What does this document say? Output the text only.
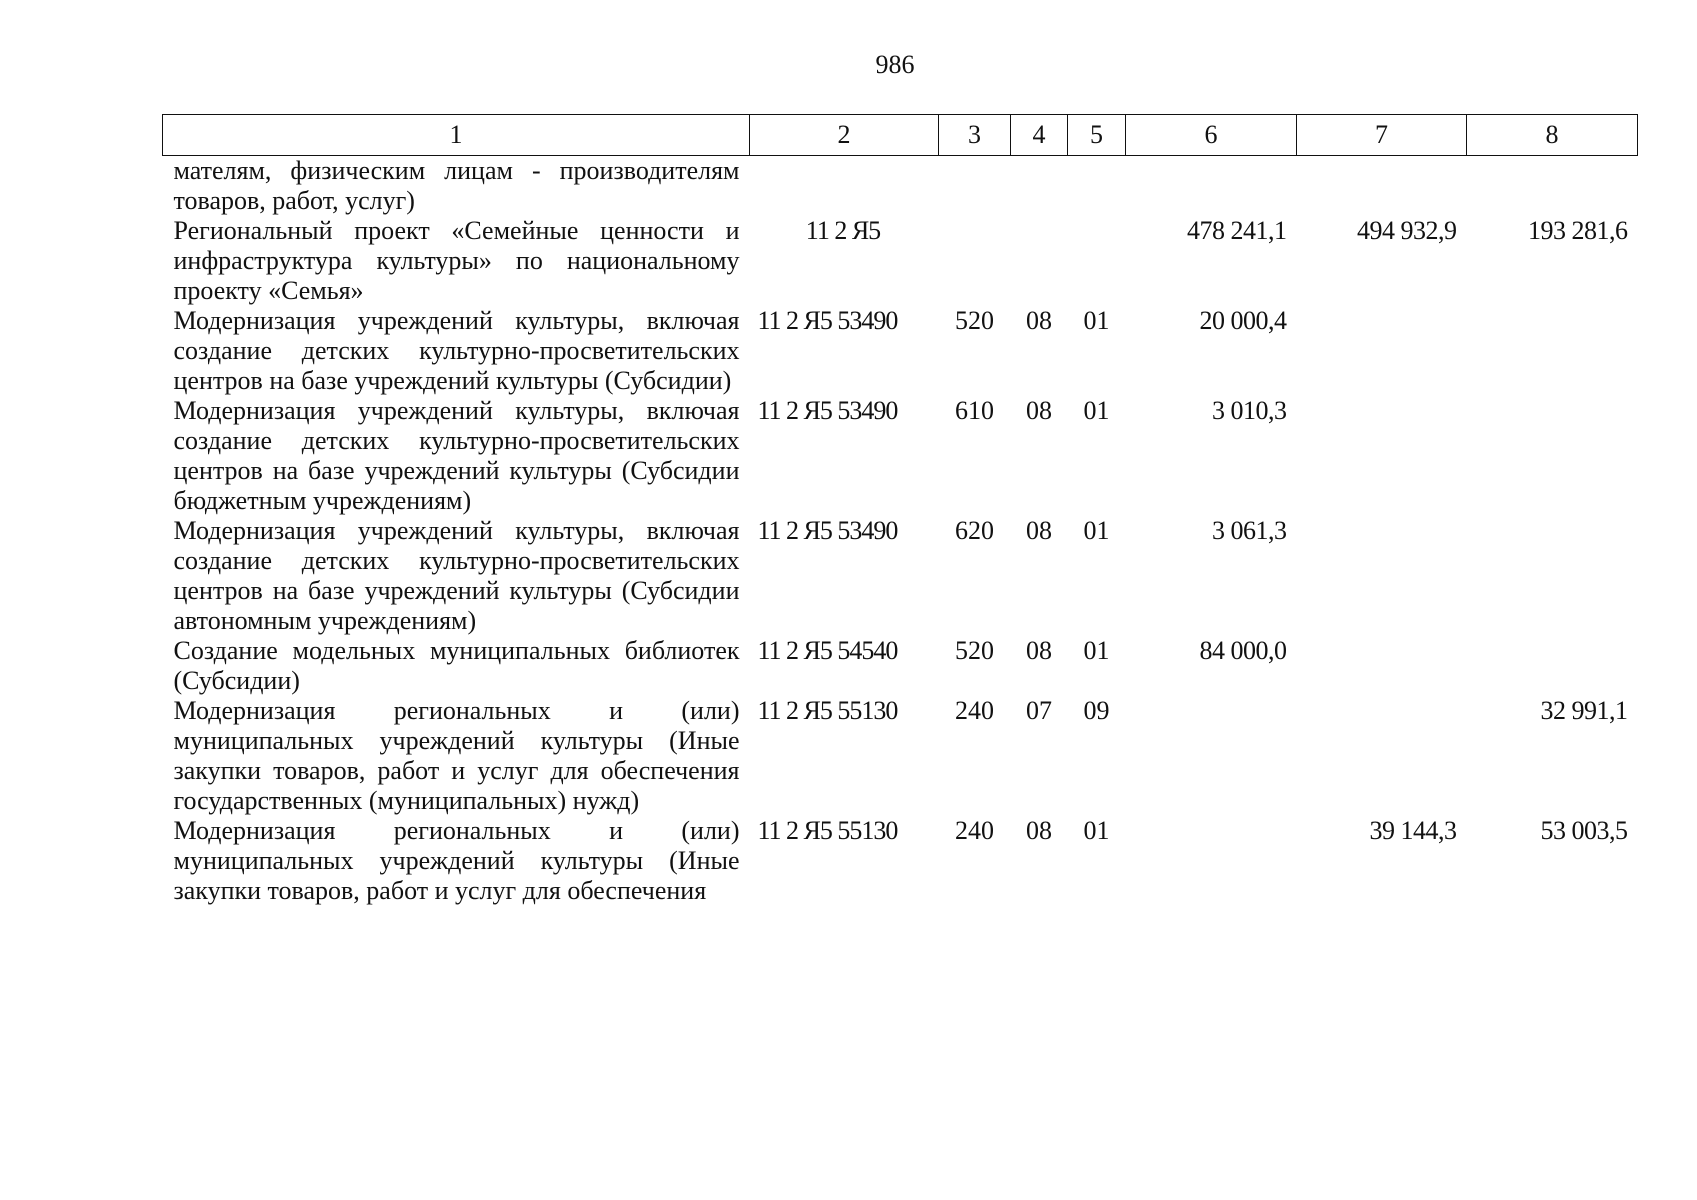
986
1	2	3	4	5	6	7	8
мателям, физическим лицам - производителям товаров, работ, услуг)							
Региональный проект «Семейные ценности и инфраструктура культуры» по национальному проекту «Семья»	11 2 Я5				478 241,1	494 932,9	193 281,6
Модернизация учреждений культуры, включая создание детских культурно-просветительских центров на базе учреждений культуры (Субсидии)	11 2 Я5 53490	520	08	01	20 000,4		
Модернизация учреждений культуры, включая создание детских культурно-просветительских центров на базе учреждений культуры (Субсидии бюджетным учреждениям)	11 2 Я5 53490	610	08	01	3 010,3		
Модернизация учреждений культуры, включая создание детских культурно-просветительских центров на базе учреждений культуры (Субсидии автономным учреждениям)	11 2 Я5 53490	620	08	01	3 061,3		
Создание модельных муниципальных библиотек (Субсидии)	11 2 Я5 54540	520	08	01	84 000,0		
Модернизация региональных и (или) муниципальных учреждений культуры (Иные закупки товаров, работ и услуг для обеспечения государственных (муниципальных) нужд)	11 2 Я5 55130	240	07	09			32 991,1
Модернизация региональных и (или) муниципальных учреждений культуры (Иные закупки товаров, работ и услуг для обеспечения	11 2 Я5 55130	240	08	01		39 144,3	53 003,5
